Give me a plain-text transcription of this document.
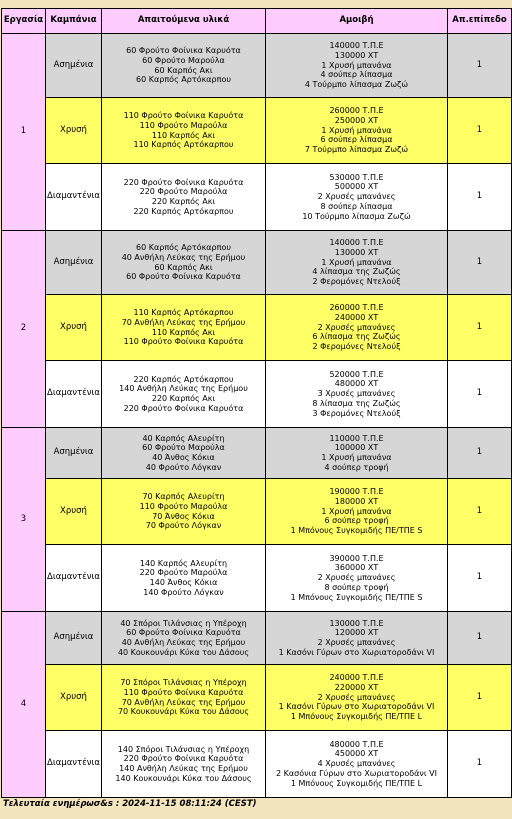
Εργασία	Καμπάνια	Απαιτούμενα υλικά	Αμοιβή	Απ.επίπεδο
1	Ασημένια	60 Φρούτο Φοίνικα Καρυότα
60 Φρούτο Μαρούλα
60 Καρπός Ακι
60 Καρπός Αρτόκαρπου	140000 Τ.Π.Ε
130000 ΧΤ
1 Χρυσή μπανάνα
4 σούπερ λίπασμα
4 Τούρμπο λίπασμα Ζωζώ	1
	Χρυσή	110 Φρούτο Φοίνικα Καρυότα
110 Φρούτο Μαρούλα
110 Καρπός Ακι
110 Καρπός Αρτόκαρπου	260000 Τ.Π.Ε
250000 ΧΤ
1 Χρυσή μπανάνα
6 σούπερ λίπασμα
7 Τούρμπο λίπασμα Ζωζώ	1
	Διαμαντένια	220 Φρούτο Φοίνικα Καρυότα
220 Φρούτο Μαρούλα
220 Καρπός Ακι
220 Καρπός Αρτόκαρπου	530000 Τ.Π.Ε
500000 ΧΤ
2 Χρυσές μπανάνες
8 σούπερ λίπασμα
10 Τούρμπο λίπασμα Ζωζώ	1
2	Ασημένια	60 Καρπός Αρτόκαρπου
40 Ανθήλη Λεύκας της Ερήμου
60 Καρπός Ακι
60 Φρούτο Φοίνικα Καρυότα	140000 Τ.Π.Ε
130000 ΧΤ
1 Χρυσή μπανάνα
4 λίπασμα της Ζωζώς
2 Φερομόνες Ντελούξ	1
	Χρυσή	110 Καρπός Αρτόκαρπου
70 Ανθήλη Λεύκας της Ερήμου
110 Καρπός Ακι
110 Φρούτο Φοίνικα Καρυότα	260000 Τ.Π.Ε
240000 ΧΤ
2 Χρυσές μπανάνες
6 λίπασμα της Ζωζώς
2 Φερομόνες Ντελούξ	1
	Διαμαντένια	220 Καρπός Αρτόκαρπου
140 Ανθήλη Λεύκας της Ερήμου
220 Καρπός Ακι
220 Φρούτο Φοίνικα Καρυότα	520000 Τ.Π.Ε
480000 ΧΤ
3 Χρυσές μπανάνες
8 λίπασμα της Ζωζώς
3 Φερομόνες Ντελούξ	1
3	Ασημένια	40 Καρπός Αλευρίτη
60 Φρούτο Μαρούλα
40 Άνθος Κόκια
40 Φρούτο Λόγκαν	110000 Τ.Π.Ε
100000 ΧΤ
1 Χρυσή μπανάνα
4 σούπερ τροφή	1
	Χρυσή	70 Καρπός Αλευρίτη
110 Φρούτο Μαρούλα
70 Άνθος Κόκια
70 Φρούτο Λόγκαν	190000 Τ.Π.Ε
180000 ΧΤ
1 Χρυσή μπανάνα
6 σούπερ τροφή
1 Μπόνους Συγκομιδής ΠΕ/ΤΠΕ S	1
	Διαμαντένια	140 Καρπός Αλευρίτη
220 Φρούτο Μαρούλα
140 Άνθος Κόκια
140 Φρούτο Λόγκαν	390000 Τ.Π.Ε
360000 ΧΤ
2 Χρυσές μπανάνες
8 σούπερ τροφή
1 Μπόνους Συγκομιδής ΠΕ/ΤΠΕ S	1
4	Ασημένια	40 Σπόροι Τιλάνσιας η Υπέροχη
60 Φρούτο Φοίνικα Καρυότα
40 Ανθήλη Λεύκας της Ερήμου
40 Κουκουνάρι Κύκα του Δάσους	130000 Τ.Π.Ε
120000 ΧΤ
2 Χρυσές μπανάνες
1 Κασόνι Γύρων στο Χωριατοροδάνι VI	1
	Χρυσή	70 Σπόροι Τιλάνσιας η Υπέροχη
110 Φρούτο Φοίνικα Καρυότα
70 Ανθήλη Λεύκας της Ερήμου
70 Κουκουνάρι Κύκα του Δάσους	240000 Τ.Π.Ε
220000 ΧΤ
2 Χρυσές μπανάνες
1 Κασόνι Γύρων στο Χωριατοροδάνι VI
1 Μπόνους Συγκομιδής ΠΕ/ΤΠΕ L	1
	Διαμαντένια	140 Σπόροι Τιλάνσιας η Υπέροχη
220 Φρούτο Φοίνικα Καρυότα
140 Ανθήλη Λεύκας της Ερήμου
140 Κουκουνάρι Κύκα του Δάσους	480000 Τ.Π.Ε
450000 ΧΤ
4 Χρυσές μπανάνες
2 Κασόνια Γύρων στο Χωριατοροδάνι VI
1 Μπόνους Συγκομιδής ΠΕ/ΤΠΕ L	1
Τελευταία ενημέρωσ&s : 2024-11-15 08:11:24 (CEST)
